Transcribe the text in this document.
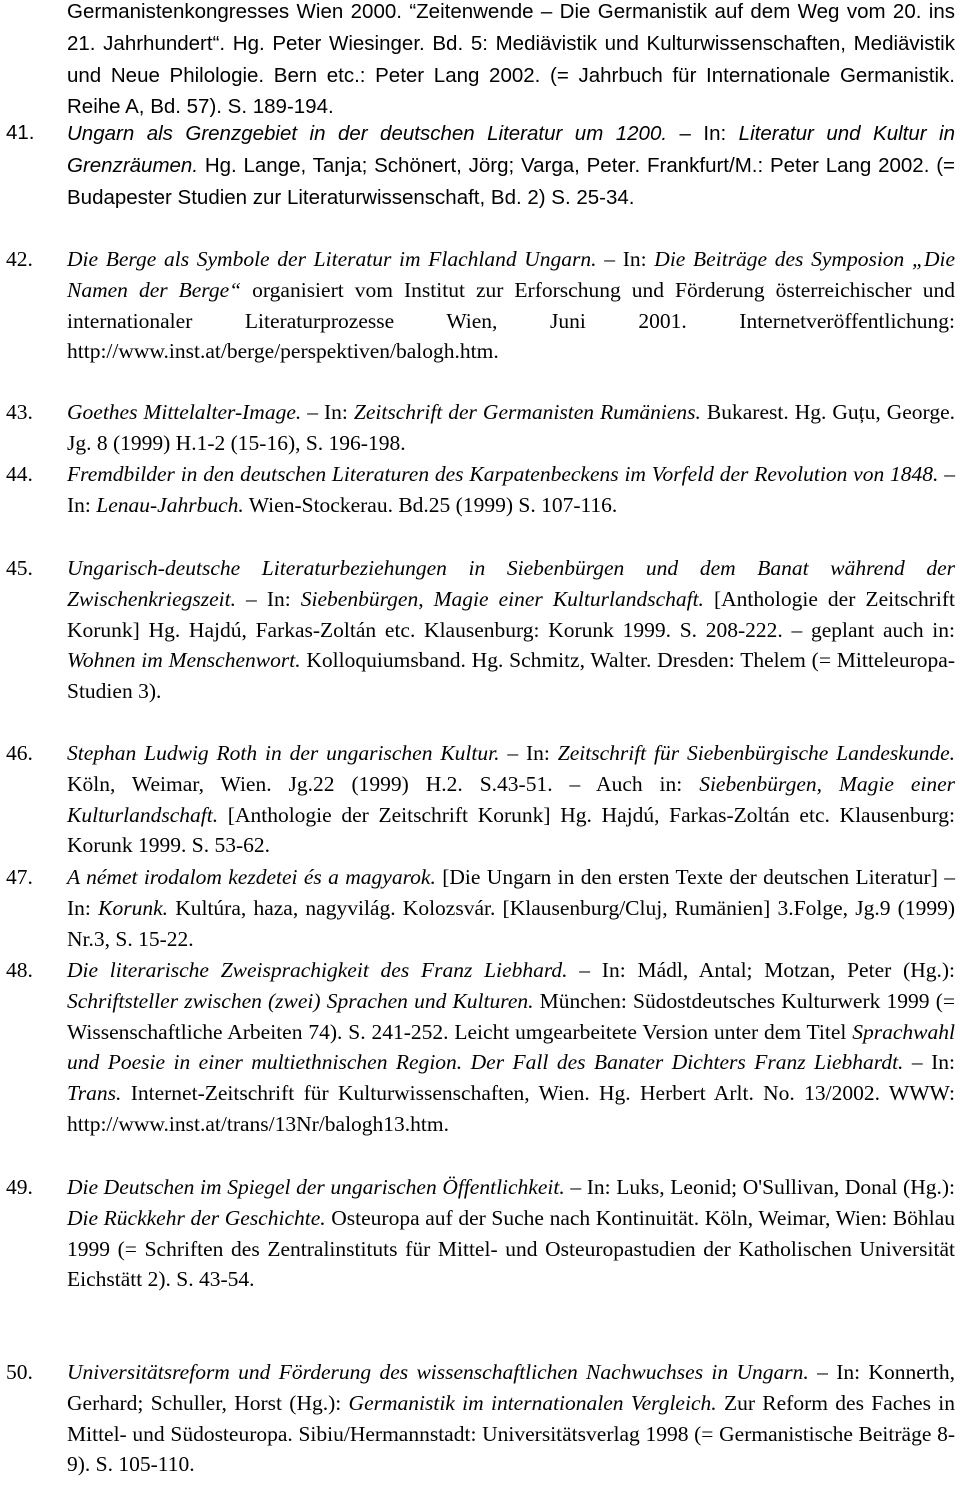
Germanistenkongresses Wien 2000. “Zeitenwende – Die Germanistik auf dem Weg vom 20. ins 21. Jahrhundert“. Hg. Peter Wiesinger. Bd. 5: Mediävistik und Kulturwissenschaften, Mediävistik und Neue Philologie. Bern etc.: Peter Lang 2002. (= Jahrbuch für Internationale Germanistik. Reihe A, Bd. 57). S. 189-194.
41. Ungarn als Grenzgebiet in der deutschen Literatur um 1200. – In: Literatur und Kultur in Grenzräumen. Hg. Lange, Tanja; Schönert, Jörg; Varga, Peter. Frankfurt/M.: Peter Lang 2002. (= Budapester Studien zur Literaturwissenschaft, Bd. 2) S. 25-34.
42. Die Berge als Symbole der Literatur im Flachland Ungarn. – In: Die Beiträge des Symposion „Die Namen der Berge“ organisiert vom Institut zur Erforschung und Förderung österreichischer und internationaler Literaturprozesse Wien, Juni 2001. Internetveröffentlichung: http://www.inst.at/berge/perspektiven/balogh.htm.
43. Goethes Mittelalter-Image. – In: Zeitschrift der Germanisten Rumäniens. Bukarest. Hg. Guțu, George. Jg. 8 (1999) H.1-2 (15-16), S. 196-198.
44. Fremdbilder in den deutschen Literaturen des Karpatenbeckens im Vorfeld der Revolution von 1848. – In: Lenau-Jahrbuch. Wien-Stockerau. Bd.25 (1999) S. 107-116.
45. Ungarisch-deutsche Literaturbeziehungen in Siebenbürgen und dem Banat während der Zwischenkriegszeit. – In: Siebenbürgen, Magie einer Kulturlandschaft. [Anthologie der Zeitschrift Korunk] Hg. Hajdú, Farkas-Zoltán etc. Klausenburg: Korunk 1999. S. 208-222. – geplant auch in: Wohnen im Menschenwort. Kolloquiumsband. Hg. Schmitz, Walter. Dresden: Thelem (= Mitteleuropa-Studien 3).
46. Stephan Ludwig Roth in der ungarischen Kultur. – In: Zeitschrift für Siebenbürgische Landeskunde. Köln, Weimar, Wien. Jg.22 (1999) H.2. S.43-51. – Auch in: Siebenbürgen, Magie einer Kulturlandschaft. [Anthologie der Zeitschrift Korunk] Hg. Hajdú, Farkas-Zoltán etc. Klausenburg: Korunk 1999. S. 53-62.
47. A német irodalom kezdetei és a magyarok. [Die Ungarn in den ersten Texte der deutschen Literatur] – In: Korunk. Kultúra, haza, nagyvilág. Kolozsvár. [Klausenburg/Cluj, Rumänien] 3.Folge, Jg.9 (1999) Nr.3, S. 15-22.
48. Die literarische Zweisprachigkeit des Franz Liebhard. – In: Mádl, Antal; Motzan, Peter (Hg.): Schriftsteller zwischen (zwei) Sprachen und Kulturen. München: Südostdeutsches Kulturwerk 1999 (= Wissenschaftliche Arbeiten 74). S. 241-252. Leicht umgearbeitete Version unter dem Titel Sprachwahl und Poesie in einer multiethnischen Region. Der Fall des Banater Dichters Franz Liebhardt. – In: Trans. Internet-Zeitschrift für Kulturwissenschaften, Wien. Hg. Herbert Arlt. No. 13/2002. WWW: http://www.inst.at/trans/13Nr/balogh13.htm.
49. Die Deutschen im Spiegel der ungarischen Öffentlichkeit. – In: Luks, Leonid; O'Sullivan, Donal (Hg.): Die Rückkehr der Geschichte. Osteuropa auf der Suche nach Kontinuität. Köln, Weimar, Wien: Böhlau 1999 (= Schriften des Zentralinstituts für Mittel- und Osteuropastudien der Katholischen Universität Eichstätt 2). S. 43-54.
50. Universitätsreform und Förderung des wissenschaftlichen Nachwuchses in Ungarn. – In: Konnerth, Gerhard; Schuller, Horst (Hg.): Germanistik im internationalen Vergleich. Zur Reform des Faches in Mittel- und Südosteuropa. Sibiu/Hermannstadt: Universitätsverlag 1998 (= Germanistische Beiträge 8-9). S. 105-110.
